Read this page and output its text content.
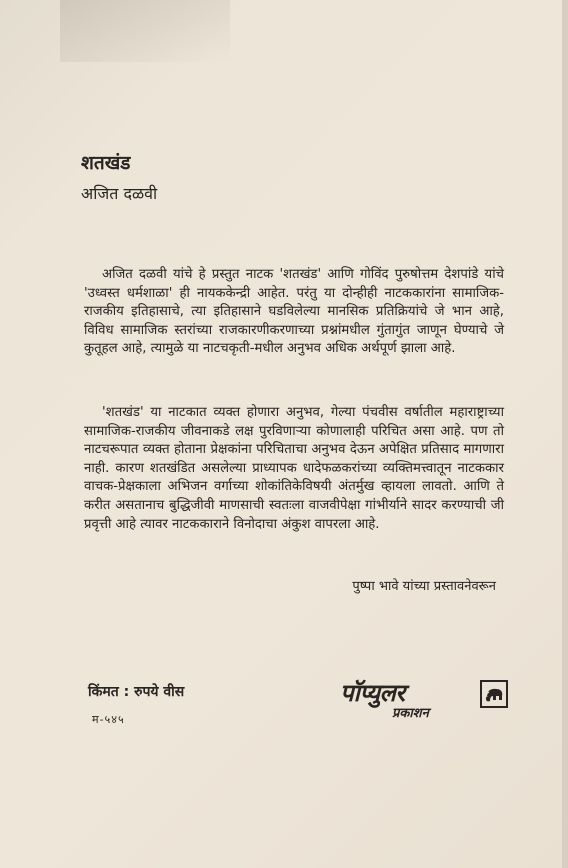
शतखंड
अजित दळवी

अजित दळवी यांचे हे प्रस्तुत नाटक 'शतखंड' आणि गोविंद पुरुषोत्तम देशपांडे यांचे 'उध्वस्त धर्मशाळा' ही नायककेन्द्री आहेत. परंतु या दोन्हीही नाटककारांना सामाजिक-राजकीय इतिहासाचे, त्या इतिहासाने घडविलेल्या मानसिक प्रतिक्रियांचे जे भान आहे, विविध सामाजिक स्तरांच्या राजकारणीकरणाच्या प्रश्नांमधील गुंतागुंत जाणून घेण्याचे जे कुतूहल आहे, त्यामुळे या नाटचकृती-मधील अनुभव अधिक अर्थपूर्ण झाला आहे.

'शतखंड' या नाटकात व्यक्त होणारा अनुभव, गेल्या पंचवीस वर्षातील महाराष्ट्राच्या सामाजिक-राजकीय जीवनाकडे लक्ष पुरविणाऱ्या कोणालाही परिचित असा आहे. पण तो नाटचरूपात व्यक्त होताना प्रेक्षकांना परिचिताचा अनुभव देऊन अपेक्षित प्रतिसाद मागणारा नाही. कारण शतखंडित असलेल्या प्राध्यापक धादेफळकरांच्या व्यक्तिमत्त्वातून नाटककार वाचक-प्रेक्षकाला अभिजन वर्गाच्या शोकांतिकेविषयी अंतर्मुख व्हायला लावतो. आणि ते करीत असतानाच बुद्धिजीवी माणसाची स्वतःला वाजवीपेक्षा गांभीर्याने सादर करण्याची जी प्रवृत्ती आहे त्यावर नाटककाराने विनोदाचा अंकुश वापरला आहे.

पुष्पा भावे यांच्या प्रस्तावनेवरून
किंमत : रुपये वीस
म-५४५
पॉप्युलर
प्रकाशन
